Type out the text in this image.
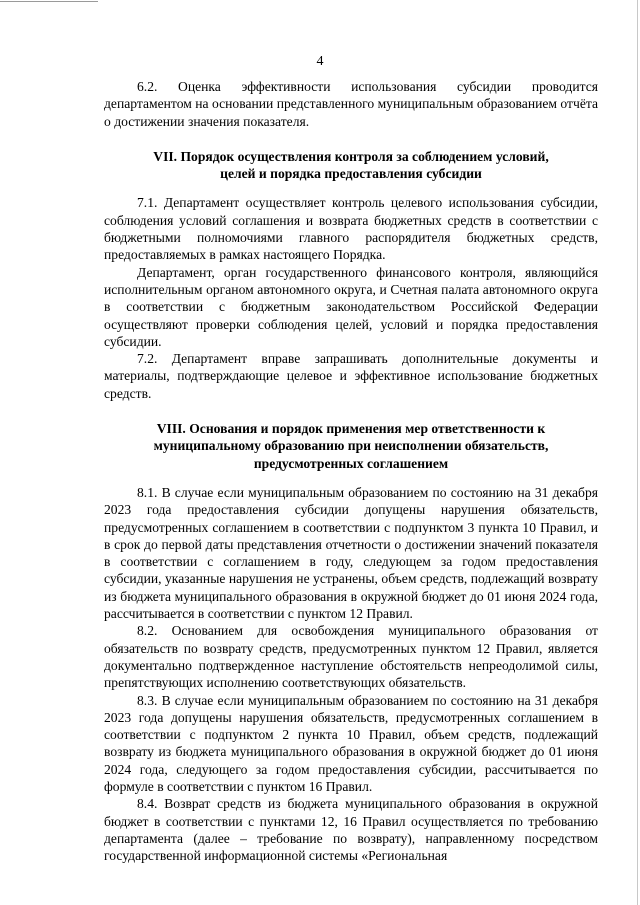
4

6.2. Оценка эффективности использования субсидии проводится департаментом на основании представленного муниципальным образованием отчёта о достижении значения показателя.

VII. Порядок осуществления контроля за соблюдением условий,
целей и порядка предоставления субсидии

7.1. Департамент осуществляет контроль целевого использования субсидии, соблюдения условий соглашения и возврата бюджетных средств в соответствии с бюджетными полномочиями главного распорядителя бюджетных средств, предоставляемых в рамках настоящего Порядка.

Департамент, орган государственного финансового контроля, являющийся исполнительным органом автономного округа, и Счетная палата автономного округа в соответствии с бюджетным законодательством Российской Федерации осуществляют проверки соблюдения целей, условий и порядка предоставления субсидии.

7.2. Департамент вправе запрашивать дополнительные документы и материалы, подтверждающие целевое и эффективное использование бюджетных средств.

VIII. Основания и порядок применения мер ответственности к
муниципальному образованию при неисполнении обязательств,
предусмотренных соглашением

8.1. В случае если муниципальным образованием по состоянию на 31 декабря 2023 года предоставления субсидии допущены нарушения обязательств, предусмотренных соглашением в соответствии с подпунктом 3 пункта 10 Правил, и в срок до первой даты представления отчетности о достижении значений показателя в соответствии с соглашением в году, следующем за годом предоставления субсидии, указанные нарушения не устранены, объем средств, подлежащий возврату из бюджета муниципального образования в окружной бюджет до 01 июня 2024 года, рассчитывается в соответствии с пунктом 12 Правил.

8.2. Основанием для освобождения муниципального образования от обязательств по возврату средств, предусмотренных пунктом 12 Правил, является документально подтвержденное наступление обстоятельств непреодолимой силы, препятствующих исполнению соответствующих обязательств.

8.3. В случае если муниципальным образованием по состоянию на 31 декабря 2023 года допущены нарушения обязательств, предусмотренных соглашением в соответствии с подпунктом 2 пункта 10 Правил, объем средств, подлежащий возврату из бюджета муниципального образования в окружной бюджет до 01 июня 2024 года, следующего за годом предоставления субсидии, рассчитывается по формуле в соответствии с пунктом 16 Правил.

8.4. Возврат средств из бюджета муниципального образования в окружной бюджет в соответствии с пунктами 12, 16 Правил осуществляется по требованию департамента (далее – требование по возврату), направленному посредством государственной информационной системы «Региональная
